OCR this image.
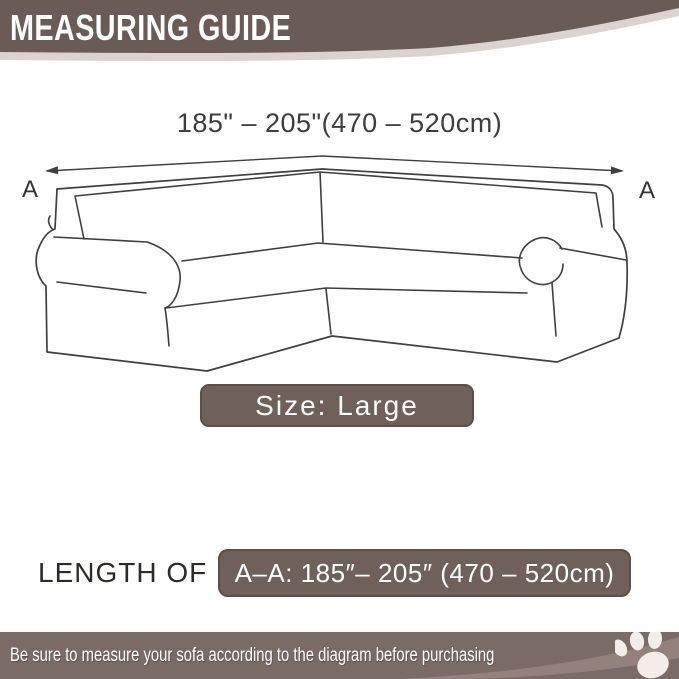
MEASURING GUIDE
185" – 205"(470 – 520cm)
A	A
Size: Large
LENGTH OF A–A: 185″– 205″ (470 – 520cm)

Be sure to measure your sofa according to the diagram before purchasing
